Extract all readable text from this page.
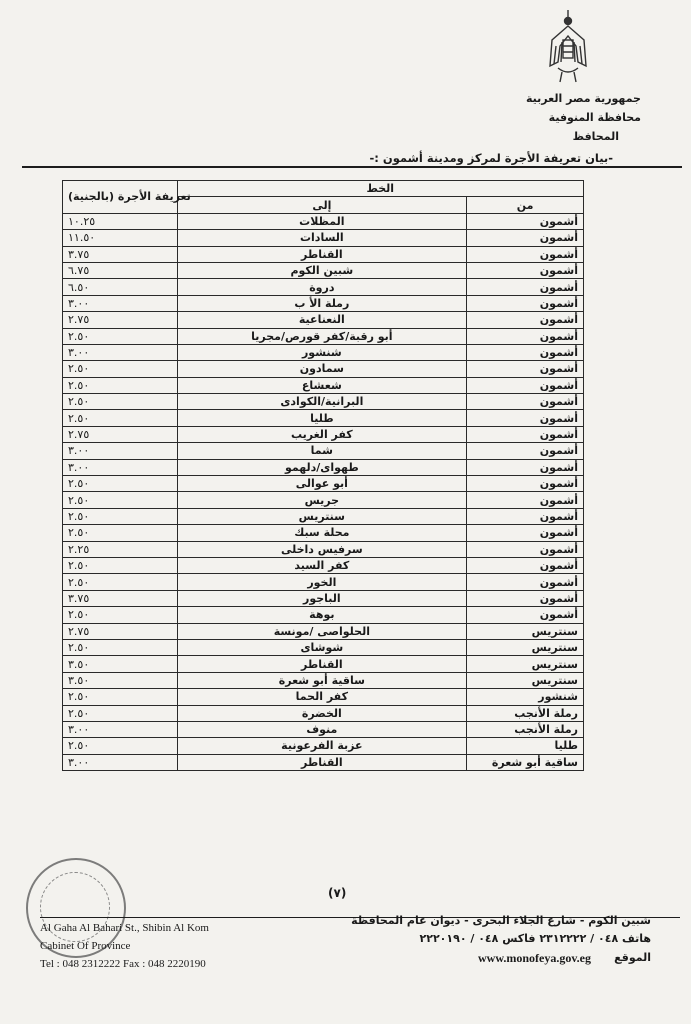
جمهورية مصر العربية
محافظة المنوفية
المحافظ
-بيان تعريفة الأجرة لمركز ومدينة أشمون :-
تعريفة الأجرة (بالجنية)	الخط	
	إلى	من
١٠.٢٥	المظلات	أشمون
١١.٥٠	السادات	أشمون
٣.٧٥	القناطر	أشمون
٦.٧٥	شبين الكوم	أشمون
٦.٥٠	دروة	أشمون
٣.٠٠	رملة الأ ب	أشمون
٢.٧٥	النعناعية	أشمون
٢.٥٠	أبو رقبة/كفر قورص/مجريا	أشمون
٣.٠٠	شنشور	أشمون
٢.٥٠	سمادون	أشمون
٢.٥٠	شعشاع	أشمون
٢.٥٠	البرانية/الكوادى	أشمون
٢.٥٠	طليا	أشمون
٢.٧٥	كفر الغريب	أشمون
٣.٠٠	شما	أشمون
٣.٠٠	طهواى/دلهمو	أشمون
٢.٥٠	أبو عوالى	أشمون
٢.٥٠	جريس	أشمون
٢.٥٠	سنتريس	أشمون
٢.٥٠	محلة سبك	أشمون
٢.٢٥	سرفيس داخلى	أشمون
٢.٥٠	كفر السيد	أشمون
٢.٥٠	الخور	أشمون
٣.٧٥	الباجور	أشمون
٢.٥٠	بوهة	أشمون
٢.٧٥	الحلواصى /مونسة	سنتريس
٢.٥٠	شوشاى	سنتريس
٣.٥٠	القناطر	سنتريس
٣.٥٠	ساقية أبو شعرة	سنتريس
٢.٥٠	كفر الحما	شنشور
٢.٥٠	الخضرة	رملة الأنجب
٣.٠٠	منوف	رملة الأنجب
٢.٥٠	عزبة الفرعونية	طليا
٣.٠٠	القناطر	ساقية أبو شعرة
(٧)
Al Gaha Al Bahari St., Shibin Al Kom
Cabinet Of Province
Tel : 048 2312222 Fax : 048 2220190
شبين الكوم - شارع الجلاء البحرى - ديوان عام المحافظة
هاتف ٠٤٨ / ٢٣١٢٢٢٢ فاكس ٠٤٨ / ٢٢٢٠١٩٠
الموقع
www.monofeya.gov.eg
